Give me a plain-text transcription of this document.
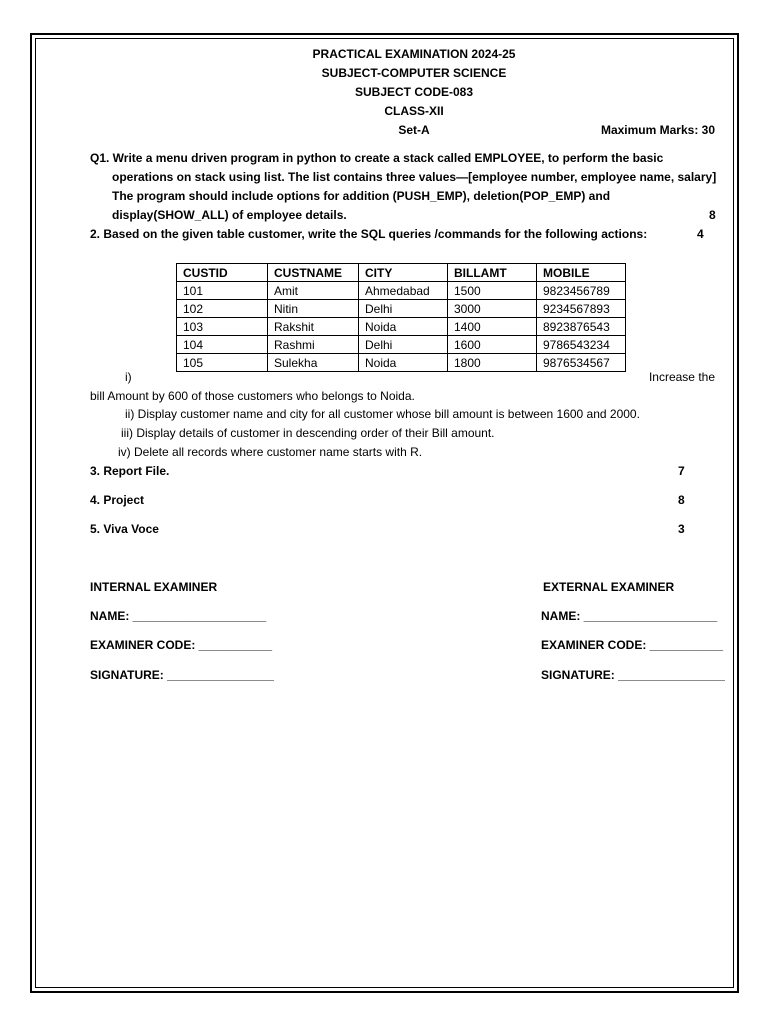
PRACTICAL EXAMINATION 2024-25
SUBJECT-COMPUTER SCIENCE
SUBJECT CODE-083
CLASS-XII
Set-A	Maximum Marks: 30
Q1. Write a menu driven program in python to create a stack called EMPLOYEE, to perform the basic
operations on stack using list. The list contains three values—[employee number, employee name, salary]
The program should include options for addition (PUSH_EMP), deletion(POP_EMP) and
display(SHOW_ALL) of employee details.	8
2. Based on the given table customer, write the SQL queries /commands for the following actions:	4
CUSTID	CUSTNAME	CITY	BILLAMT	MOBILE
101	Amit	Ahmedabad	1500	9823456789
102	Nitin	Delhi	3000	9234567893
103	Rakshit	Noida	1400	8923876543
104	Rashmi	Delhi	1600	9786543234
105	Sulekha	Noida	1800	9876534567
i)	Increase the
bill Amount by 600 of those customers who belongs to Noida.
ii) Display customer name and city for all customer whose bill amount is between 1600 and 2000.
iii) Display details of customer in descending order of their Bill amount.
iv) Delete all records where customer name starts with R.
3. Report File.	7
4. Project	8
5. Viva Voce	3
INTERNAL EXAMINER
NAME: ____________________
EXAMINER CODE: ___________
SIGNATURE: ________________
EXTERNAL EXAMINER
NAME: ____________________
EXAMINER CODE: ___________
SIGNATURE: ________________
